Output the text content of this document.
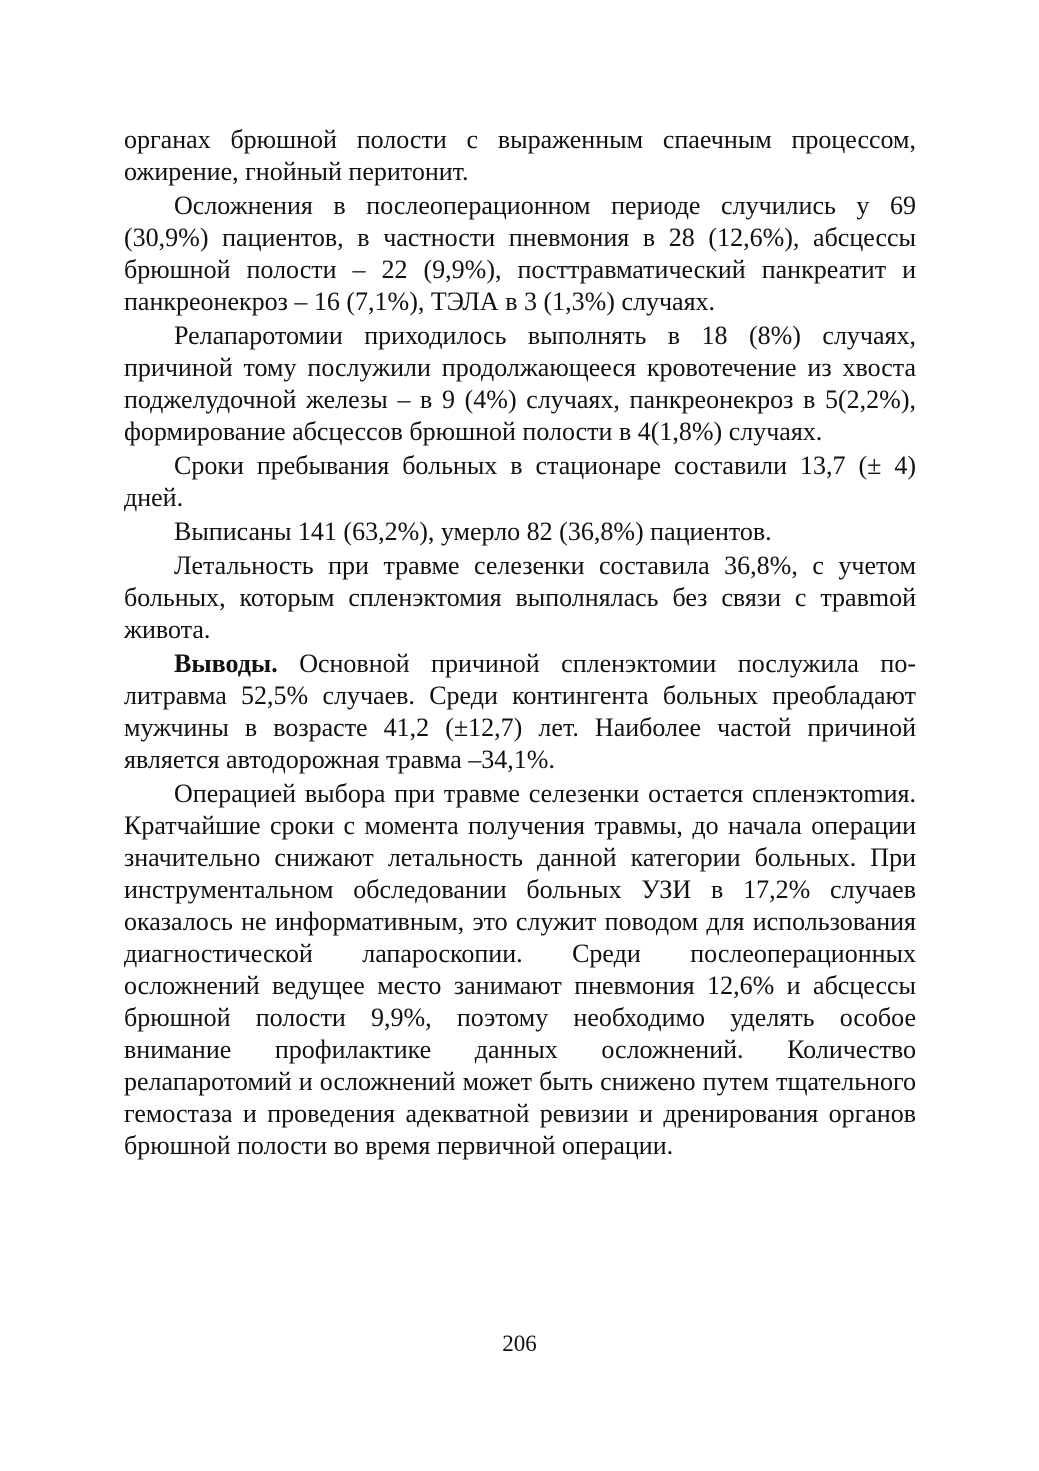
органах брюшной полости с выраженным спаечным процессом, ожирение, гнойный перитонит.

Осложнения в послеоперационном периоде случились у 69 (30,9%) пациентов, в частности пневмония в 28 (12,6%), абсцессы брюшной полости – 22 (9,9%), посттравматический панкреатит и панкреонекроз – 16 (7,1%), ТЭЛА в 3 (1,3%) случаях.

Релапаротомии приходилось выполнять в 18 (8%) случаях, причиной тому послужили продолжающееся кровотечение из хвоста поджелудочной железы – в 9 (4%) случаях, панкреонекроз в 5(2,2%), формирование абсцессов брюшной полости в 4(1,8%) случаях.

Сроки пребывания больных в стационаре составили 13,7 (± 4) дней.

Выписаны 141 (63,2%), умерло 82 (36,8%) пациентов.

Летальность при травме селезенки составила 36,8%, с учетом больных, которым спленэктомия выполнялась без связи с травmой живота.

Выводы. Основной причиной спленэктомии послужила политравма 52,5% случаев. Среди контингента больных преобладают мужчины в возрасте 41,2 (±12,7) лет. Наиболее частой причиной является автодорожная травма –34,1%.

Операцией выбора при травме селезенки остается спленэктоmия. Кратчайшие сроки с момента получения травмы, до начала операции значительно снижают летальность данной категории больных. При инструментальном обследовании больных УЗИ в 17,2% случаев оказалось не информативным, это служит поводом для использования диагностической лапароскопии. Среди послеоперационных осложнений ведущее место занимают пневмония 12,6% и абсцессы брюшной полости 9,9%, поэтому необходимо уделять особое внимание профилактике данных осложнений. Количество релапаротомий и осложнений может быть снижено путем тщательного гемостаза и проведения адекватной ревизии и дренирования органов брюшной полости во время первичной операции.

206
